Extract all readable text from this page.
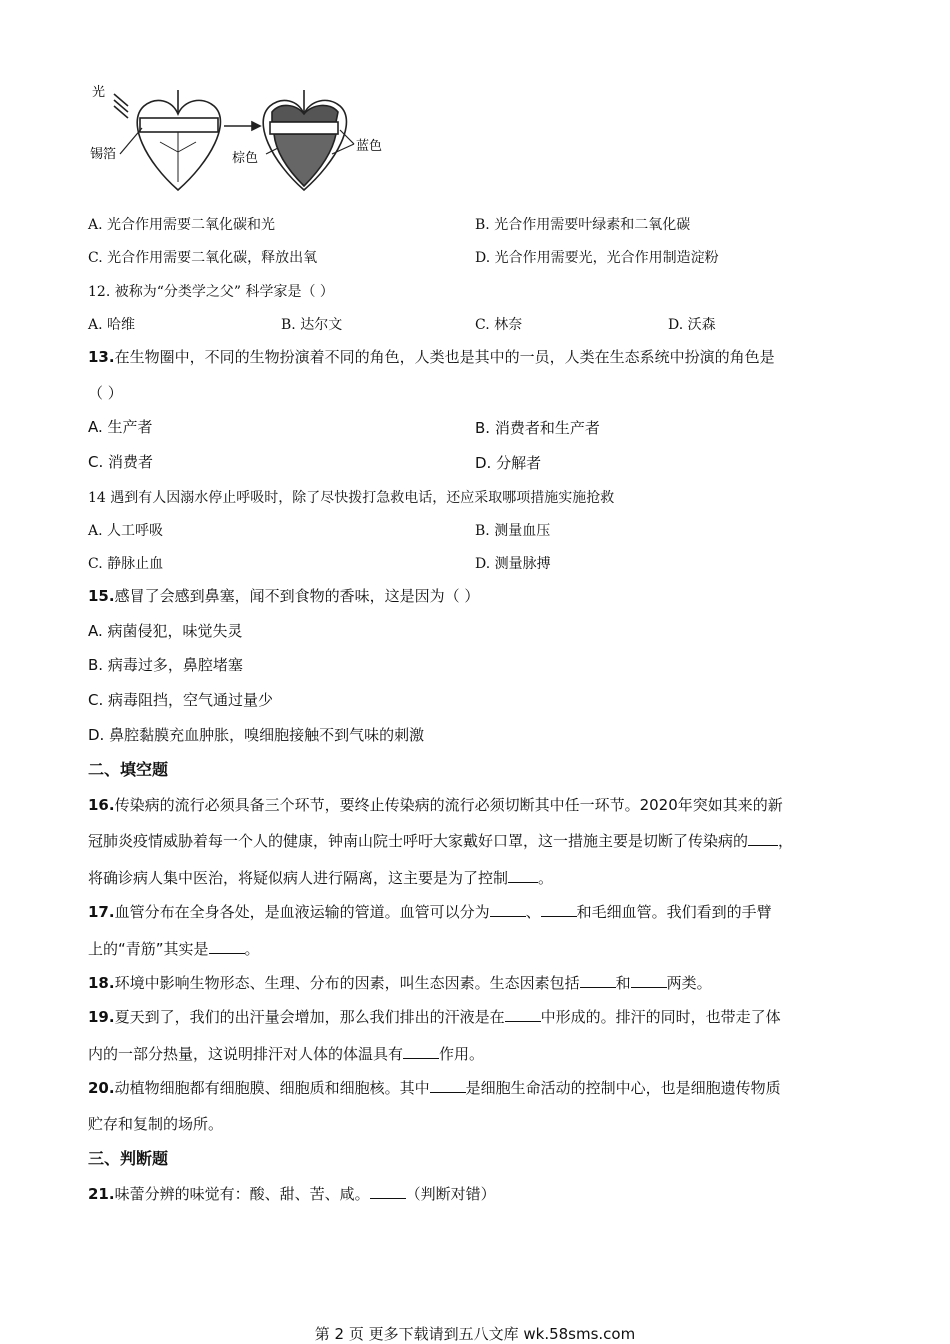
光
锡箔	棕色
蓝色
A. 光合作用需要二氧化碳和光	B. 光合作用需要叶绿素和二氧化碳
C. 光合作用需要二氧化碳，释放出氧	D. 光合作用需要光，光合作用制造淀粉
12. 被称为“分类学之父” 科学家是（ ）
A. 哈维	B. 达尔文	C. 林奈	D. 沃森
13.在生物圈中，不同的生物扮演着不同的角色，人类也是其中的一员，人类在生态系统中扮演的角色是
（ ）
A. 生产者	B. 消费者和生产者
C. 消费者	D. 分解者
14 遇到有人因溺水停止呼吸时，除了尽快拨打急救电话，还应采取哪项措施实施抢救
A. 人工呼吸	B. 测量血压
C. 静脉止血	D. 测量脉搏
15.感冒了会感到鼻塞，闻不到食物的香味，这是因为（ ）
A. 病菌侵犯，味觉失灵
B. 病毒过多，鼻腔堵塞
C. 病毒阻挡，空气通过量少
D. 鼻腔黏膜充血肿胀，嗅细胞接触不到气味的刺激
二、填空题
16.传染病的流行必须具备三个环节，要终止传染病的流行必须切断其中任一环节。2020年突如其来的新
冠肺炎疫情威胁着每一个人的健康，钟南山院士呼吁大家戴好口罩，这一措施主要是切断了传染病的 ，
将确诊病人集中医治，将疑似病人进行隔离，这主要是为了控制 。
17.血管分布在全身各处，是血液运输的管道。血管可以分为 、 和毛细血管。我们看到的手臂
上的“青筋”其实是 。
18.环境中影响生物形态、生理、分布的因素，叫生态因素。生态因素包括 和 两类。
19.夏天到了，我们的出汗量会增加，那么我们排出的汗液是在 中形成的。排汗的同时，也带走了体
内的一部分热量，这说明排汗对人体的体温具有 作用。
20.动植物细胞都有细胞膜、细胞质和细胞核。其中 是细胞生命活动的控制中心，也是细胞遗传物质
贮存和复制的场所。
三、判断题
21.味蕾分辨的味觉有：酸、甜、苦、咸。 （判断对错）
第 2 页 更多下载请到五八文库 wk.58sms.com
